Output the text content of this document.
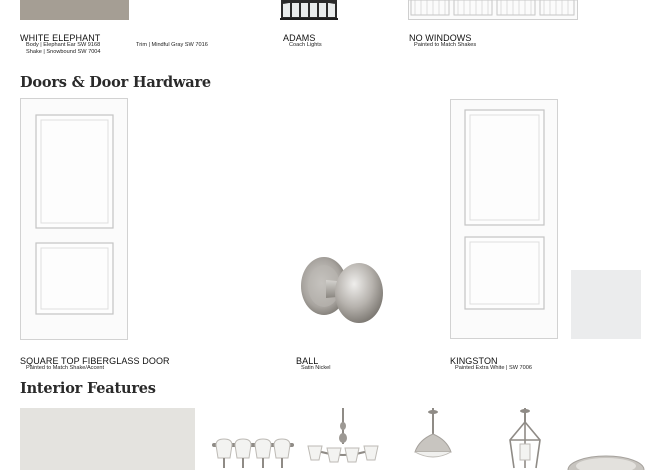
WHITE ELEPHANT
Body | Elephant Ear SW 9168
Shake | Snowbound SW 7004
Trim | Mindful Gray SW 7016
ADAMS
Coach Lights
NO WINDOWS
Painted to Match Shakes
Doors & Door Hardware
SQUARE TOP FIBERGLASS DOOR
Painted to Match Shake/Accent
BALL
Satin Nickel
KINGSTON
Painted Extra White | SW 7006
Interior Features
